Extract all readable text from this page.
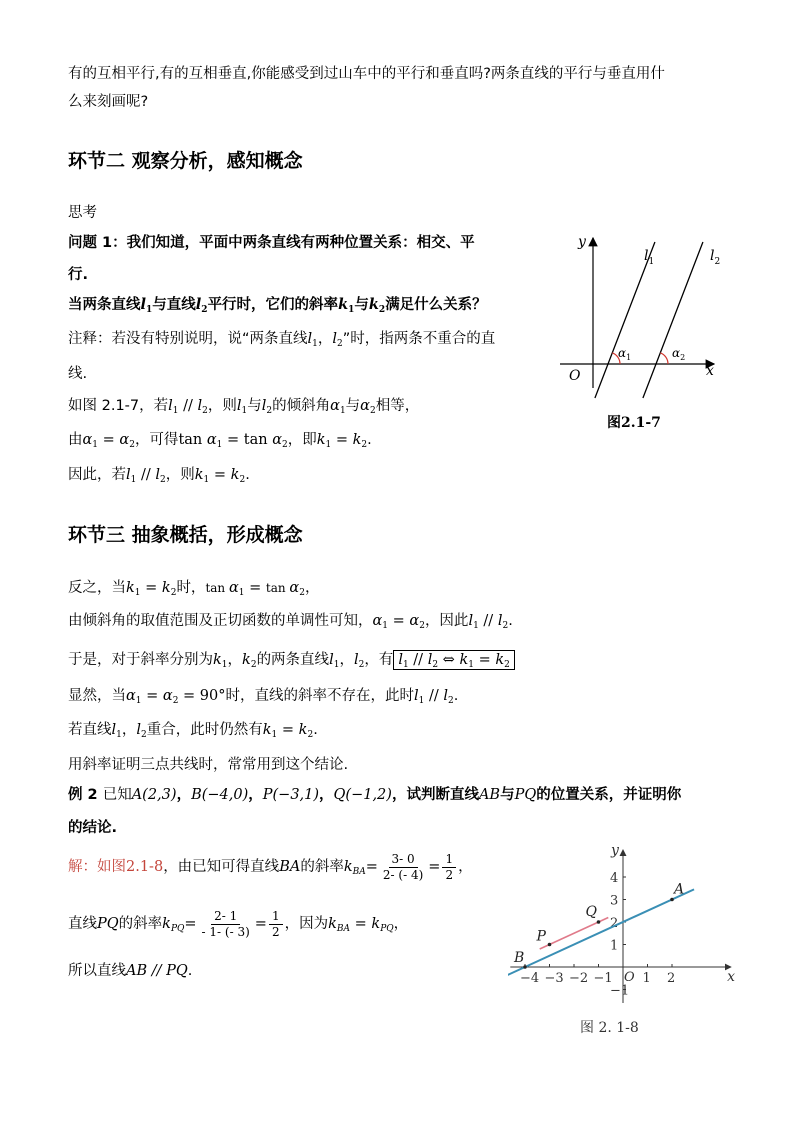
有的互相平行,有的互相垂直,你能感受到过山车中的平行和垂直吗?两条直线的平行与垂直用什
么来刻画呢?
环节二 观察分析，感知概念
思考
问题 1：我们知道，平面中两条直线有两种位置关系：相交、平
行.
当两条直线$l_1$与直线$l_2$平行时，它们的斜率$k_1$与$k_2$满足什么关系？
注释：若没有特别说明，说“两条直线$l_1$，$l_2$”时，指两条不重合的直
线.
如图 2.1-7，若$l_1 // l_2$，则$l_1$与$l_2$的倾斜角$\alpha_1$与$\alpha_2$相等，
由$\alpha_1 = \alpha_2$，可得$\tan \alpha_1 = \tan \alpha_2$，即$k_1 = k_2$.
因此，若$l_1 // l_2$，则$k_1 = k_2$.
y
x
O
$l_1$	$l_2$
$\alpha_1$	$\alpha_2$
图2.1-7
环节三 抽象概括，形成概念
反之，当$k_1 = k_2$时，$\tan \alpha_1 = \tan \alpha_2$，
由倾斜角的取值范围及正切函数的单调性可知，$\alpha_1 = \alpha_2$，因此$l_1 // l_2$.
于是，对于斜率分别为$k_1$，$k_2$的两条直线$l_1$，$l_2$，有 $l_1 // l_2$ ⇔ $k_1 = k_2$
显然，当$\alpha_1 = \alpha_2 = 90^\circ$时，直线的斜率不存在，此时$l_1 // l_2$.
若直线$l_1$，$l_2$重合，此时仍然有$k_1 = k_2$.
用斜率证明三点共线时，常常用到这个结论.
例 2 已知A(2,3)，B(−4,0)，P(−3,1)，Q(−1,2)，试判断直线AB与PQ的位置关系，并证明你
的结论.
解：如图2.1-8，由已知可得直线BA的斜率$k_{BA}= \frac{3- 0}{2- (- 4)} = \frac{1}{2}$ ，
直线PQ的斜率$k_{PQ}= \frac{2- 1}{- 1- (- 3)} = \frac{1}{2}$ ，因为$k_{BA} = k_{PQ}$，
所以直线AB // PQ.	−4 −3 −2 −1 1 2
4
3
2
1
−1
x
y
O
A
B
P
Q
图 2. 1-8
